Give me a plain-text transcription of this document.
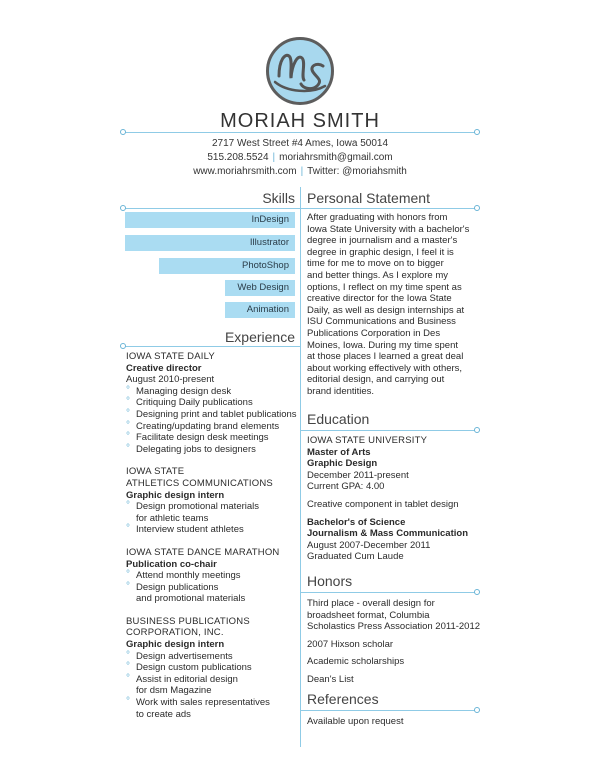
MORIAH SMITH
2717 West Street #4 Ames, Iowa 50014
515.208.5524 | moriahrsmith@gmail.com
www.moriahrsmith.com | Twitter: @moriahsmith
Skills
InDesign
Illustrator
PhotoShop
Web Design
Animation
Experience
IOWA STATE DAILY
Creative director
August 2010-present
° Managing design desk
° Critiquing Daily publications
° Designing print and tablet publications
° Creating/updating brand elements
° Facilitate design desk meetings
° Delegating jobs to designers
IOWA STATE
ATHLETICS COMMUNICATIONS
Graphic design intern
° Design promotional materials
for athletic teams
° Interview student athletes
IOWA STATE DANCE MARATHON
Publication co-chair
° Attend monthly meetings
° Design publications
and promotional materials
BUSINESS PUBLICATIONS
CORPORATION, INC.
Graphic design intern
° Design advertisements
° Design custom publications
° Assist in editorial design
for dsm Magazine
° Work with sales representatives
to create ads
Personal Statement
After graduating with honors from
Iowa State University with a bachelor's
degree in journalism and a master's
degree in graphic design, I feel it is
time for me to move on to bigger
and better things. As I explore my
options, I reflect on my time spent as
creative director for the Iowa State
Daily, as well as design internships at
ISU Communications and Business
Publications Corporation in Des
Moines, Iowa. During my time spent
at those places I learned a great deal
about working effectively with others,
editorial design, and carrying out
brand identities.
Education
IOWA STATE UNIVERSITY
Master of Arts
Graphic Design
December 2011-present
Current GPA: 4.00
Creative component in tablet design
Bachelor's of Science
Journalism & Mass Communication
August 2007-December 2011
Graduated Cum Laude
Honors
Third place - overall design for
broadsheet format, Columbia
Scholastics Press Association 2011-2012
2007 Hixson scholar
Academic scholarships
Dean's List
References
Available upon request
